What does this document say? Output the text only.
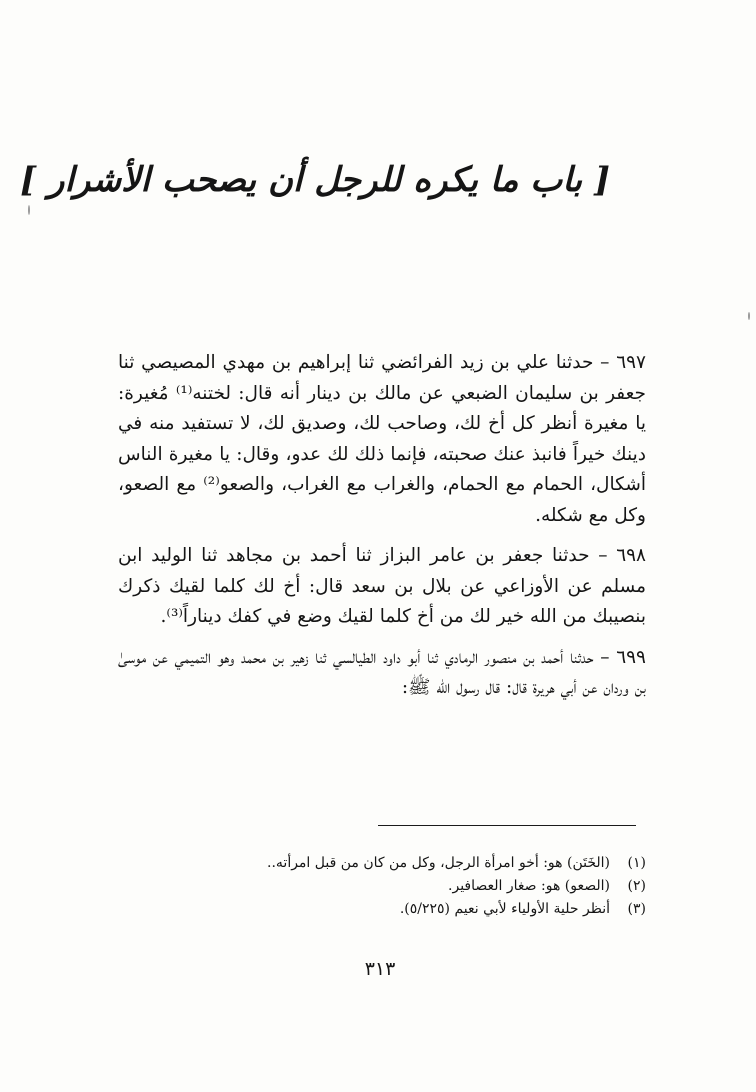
[ باب ما يكره للرجل أن يصحب الأشرار ]

٦٩٧ – حدثنا علي بن زيد الفرائضي ثنا إبراهيم بن مهدي المصيصي ثنا جعفر بن سليمان الضبعي عن مالك بن دينار أنه قال: لختنه⁽¹⁾ مُغيرة: يا مغيرة أنظر كل أخ لك، وصاحب لك، وصديق لك، لا تستفيد منه في دينك خيراً فانبذ عنك صحبته، فإنما ذلك لك عدو، وقال: يا مغيرة الناس أشكال، الحمام مع الحمام، والغراب مع الغراب، والصعو⁽²⁾ مع الصعو، وكل مع شكله.

٦٩٨ – حدثنا جعفر بن عامر البزاز ثنا أحمد بن مجاهد ثنا الوليد ابن مسلم عن الأوزاعي عن بلال بن سعد قال: أخ لك كلما لقيك ذكرك بنصيبك من الله خير لك من أخ كلما لقيك وضع في كفك ديناراً⁽³⁾.

٦٩٩ – حدثنا أحمد بن منصور الرمادي ثنا أبو داود الطيالسي ثنا زهير بن محمد وهو التميمي عن موسىٰ بن وردان عن أبي هريرة قال: قال رسول الله ﷺ:

(١)
(الخَتَن) هو: أخو امرأة الرجل، وكل من كان من قبل امرأته..
(٢)
(الصعو) هو: صغار العصافير.
(٣)
أنظر حلية الأولياء لأبي نعيم (٥/٢٢٥).
٣١٣
